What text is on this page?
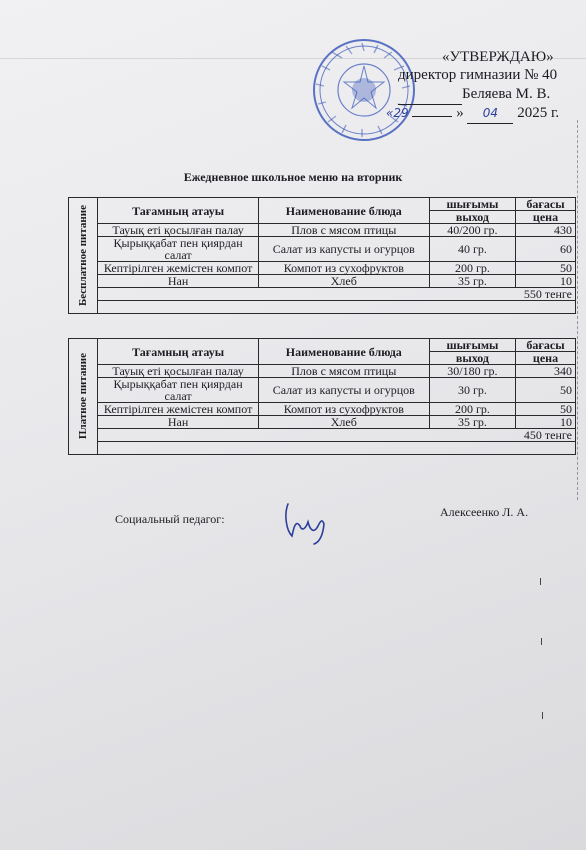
«УТВЕРЖДАЮ»
директор гимназии № 40
Беляева М. В.
«29	» 04 2025 г.
Ежедневное школьное меню на вторник
Бесплатное питание	Тағамның атауы	Наименование блюда	шығымы	бағасы
			выход	цена
	Тауық еті қосылған палау	Плов с мясом птицы	40/200 гр.	430
	Қырыққабат пен қиярдан салат	Салат из капусты и огурцов	40 гр.	60
	Кептірілген жемістен компот	Компот из сухофруктов	200 гр.	50
	Нан	Хлеб	35 гр.	10
	550 тенге			

Платное питание	Тағамның атауы	Наименование блюда	шығымы	бағасы
			выход	цена
	Тауық еті қосылған палау	Плов с мясом птицы	30/180 гр.	340
	Қырыққабат пен қиярдан салат	Салат из капусты и огурцов	30 гр.	50
	Кептірілген жемістен компот	Компот из сухофруктов	200 гр.	50
	Нан	Хлеб	35 гр.	10
	450 тенге			

Социальный педагог:	Алексеенко Л. А.
